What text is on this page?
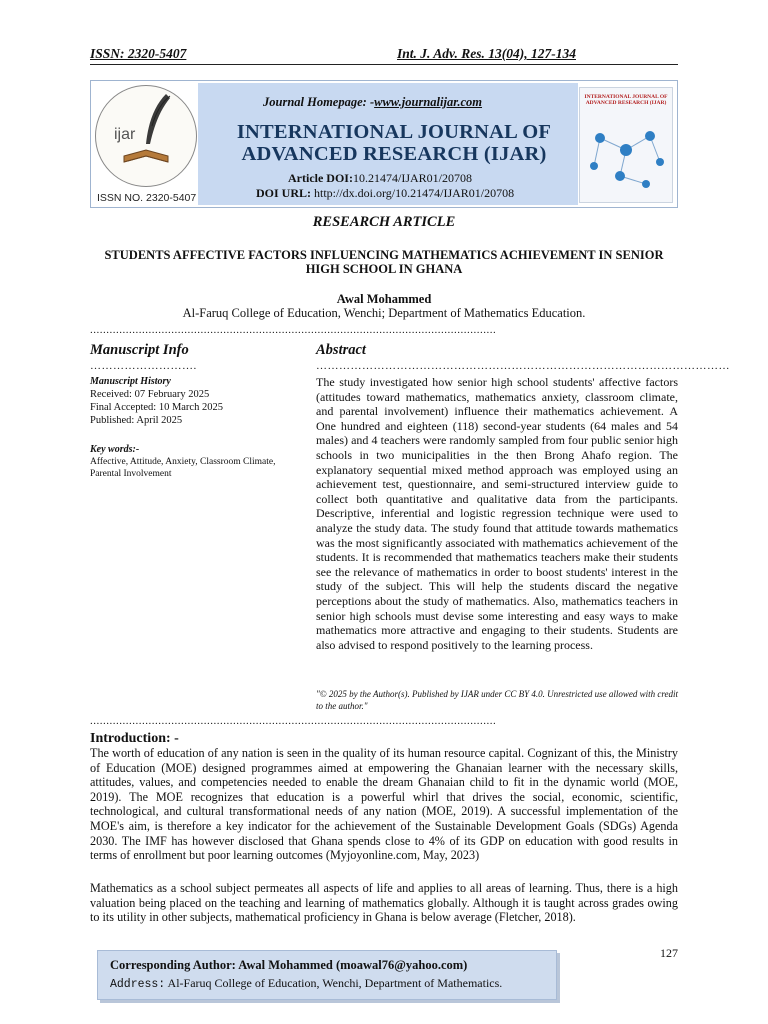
ISSN: 2320-5407	Int. J. Adv. Res. 13(04), 127-134
ijar
ISSN NO. 2320-5407
Journal Homepage: -www.journalijar.com
INTERNATIONAL JOURNAL OF
ADVANCED RESEARCH (IJAR)
Article DOI:10.21474/IJAR01/20708
DOI URL: http://dx.doi.org/10.21474/IJAR01/20708
INTERNATIONAL JOURNAL OF ADVANCED RESEARCH (IJAR)
RESEARCH ARTICLE
STUDENTS AFFECTIVE FACTORS INFLUENCING MATHEMATICS ACHIEVEMENT IN SENIOR
HIGH SCHOOL IN GHANA
Awal Mohammed
Al-Faruq College of Education, Wenchi; Department of Mathematics Education.
.............................................................................................................................
Manuscript Info	Abstract
……………………….	………………………………………………………………………………………………
Manuscript History
Received: 07 February 2025
Final Accepted: 10 March 2025
Published: April 2025
Key words:-
Affective, Attitude, Anxiety, Classroom Climate, Parental Involvement
The study investigated how senior high school students' affective factors (attitudes toward mathematics, mathematics anxiety, classroom climate, and parental involvement) influence their mathematics achievement. A One hundred and eighteen (118) second-year students (64 males and 54 males) and 4 teachers were randomly sampled from four public senior high schools in two municipalities in the then Brong Ahafo region. The explanatory sequential mixed method approach was employed using an achievement test, questionnaire, and semi-structured interview guide to collect both quantitative and qualitative data from the participants. Descriptive, inferential and logistic regression technique were used to analyze the study data. The study found that attitude towards mathematics was the most significantly associated with mathematics achievement of the students. It is recommended that mathematics teachers make their students see the relevance of mathematics in order to boost students' interest in the study of the subject. This will help the students discard the negative perceptions about the study of mathematics. Also, mathematics teachers in senior high schools must devise some interesting and easy ways to make mathematics more attractive and engaging to their students. Students are also advised to respond positively to the learning process.
"© 2025 by the Author(s). Published by IJAR under CC BY 4.0. Unrestricted use allowed with credit to the author."
.............................................................................................................................
Introduction: -
The worth of education of any nation is seen in the quality of its human resource capital. Cognizant of this, the Ministry of Education (MOE) designed programmes aimed at empowering the Ghanaian learner with the necessary skills, attitudes, values, and competencies needed to enable the dream Ghanaian child to fit in the dynamic world (MOE, 2019). The MOE recognizes that education is a powerful whirl that drives the social, economic, scientific, technological, and cultural transformational needs of any nation (MOE, 2019). A successful implementation of the MOE's aim, is therefore a key indicator for the achievement of the Sustainable Development Goals (SDGs) Agenda 2030. The IMF has however disclosed that Ghana spends close to 4% of its GDP on education with good results in terms of enrollment but poor learning outcomes (Myjoyonline.com, May, 2023)
Mathematics as a school subject permeates all aspects of life and applies to all areas of learning. Thus, there is a high valuation being placed on the teaching and learning of mathematics globally. Although it is taught across grades owing to its utility in other subjects, mathematical proficiency in Ghana is below average (Fletcher, 2018).
127
Corresponding Author: Awal Mohammed (moawal76@yahoo.com)
Address: Al-Faruq College of Education, Wenchi, Department of Mathematics.
